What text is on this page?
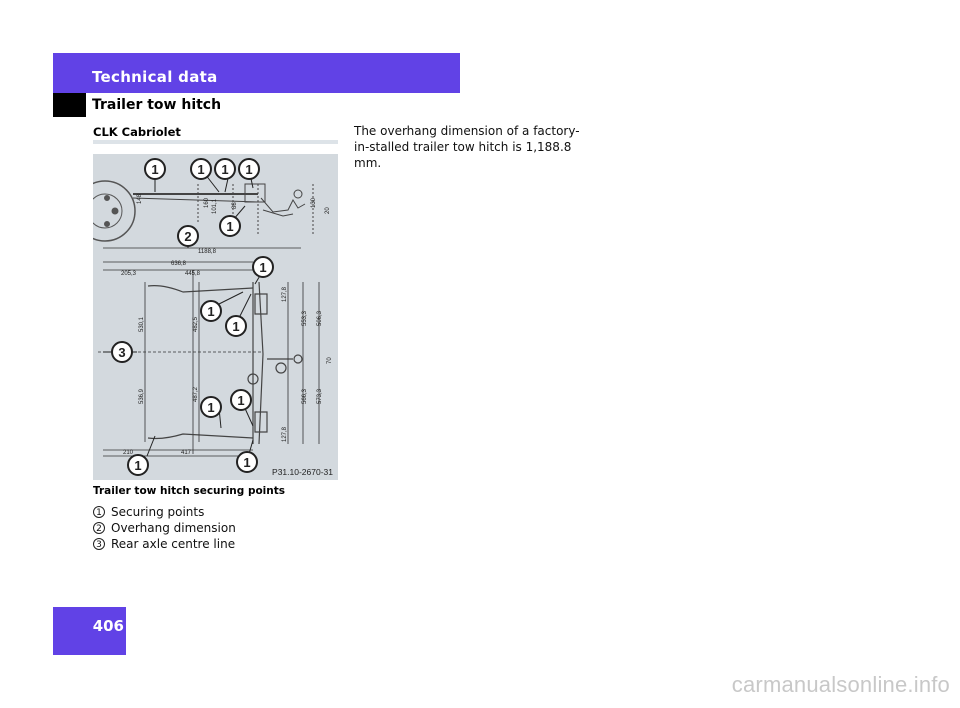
Technical data
Trailer tow hitch
CLK Cabriolet
148	160 101,1 88	130
20
1188,8
636,8
205,3	445,8
127,8
553,3 506,3
70
530,1	482,5
536,9	487,2	566,3 573,3
127,8
210	417
1	1 1 1
1
2
1
1
1
3
1 1
1	1
P31.10-2670-31
Trailer tow hitch securing points
1 Securing points
2 Overhang dimension
3 Rear axle centre line
The overhang dimension of a factory-in-stalled trailer tow hitch is 1,188.8 mm.
406
carmanualsonline.info
